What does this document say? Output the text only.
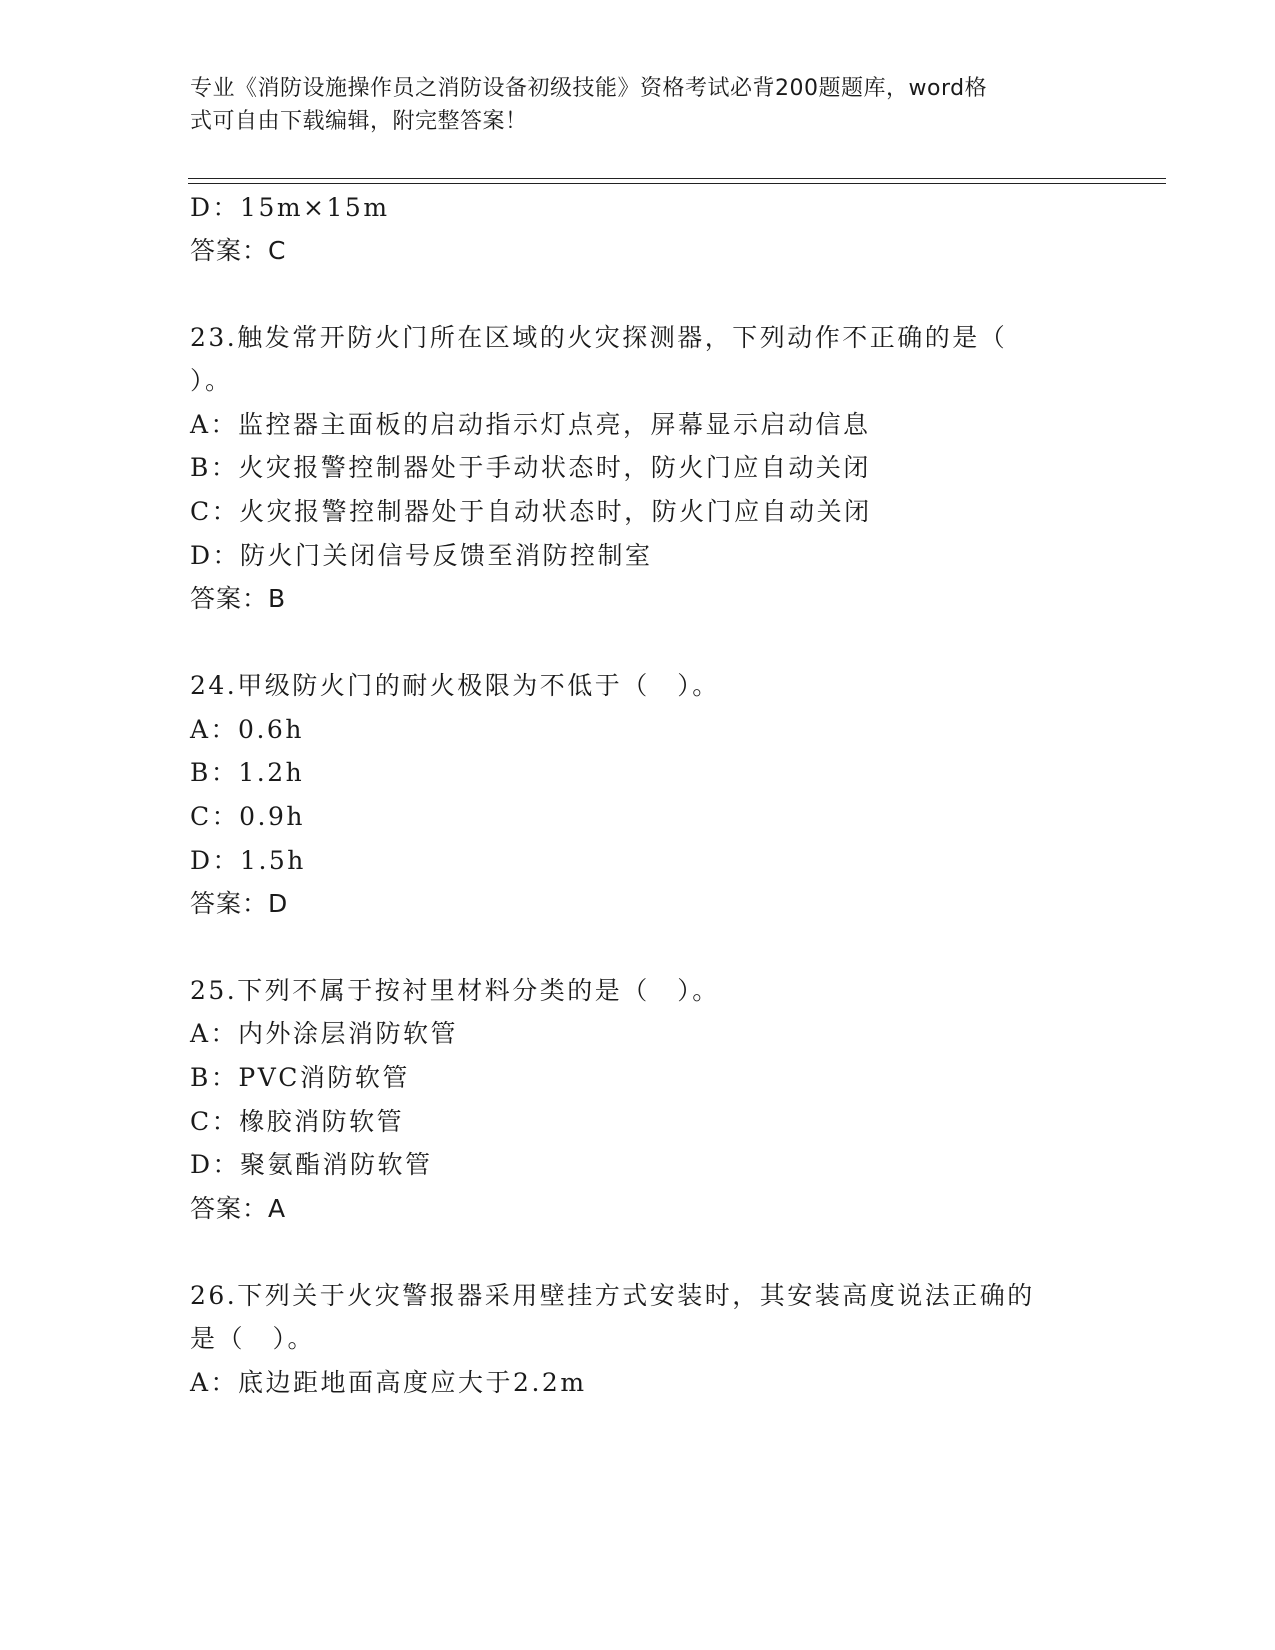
专业《消防设施操作员之消防设备初级技能》资格考试必背200题题库，word格
式可自由下载编辑，附完整答案！
D：15m×15m
答案：C
23.触发常开防火门所在区域的火灾探测器，下列动作不正确的是（
）。
A：监控器主面板的启动指示灯点亮，屏幕显示启动信息
B：火灾报警控制器处于手动状态时，防火门应自动关闭
C：火灾报警控制器处于自动状态时，防火门应自动关闭
D：防火门关闭信号反馈至消防控制室
答案：B
24.甲级防火门的耐火极限为不低于（　）。
A：0.6h
B：1.2h
C：0.9h
D：1.5h
答案：D
25.下列不属于按衬里材料分类的是（　）。
A：内外涂层消防软管
B：PVC消防软管
C：橡胶消防软管
D：聚氨酯消防软管
答案：A
26.下列关于火灾警报器采用壁挂方式安装时，其安装高度说法正确的
是（　）。
A：底边距地面高度应大于2.2m
